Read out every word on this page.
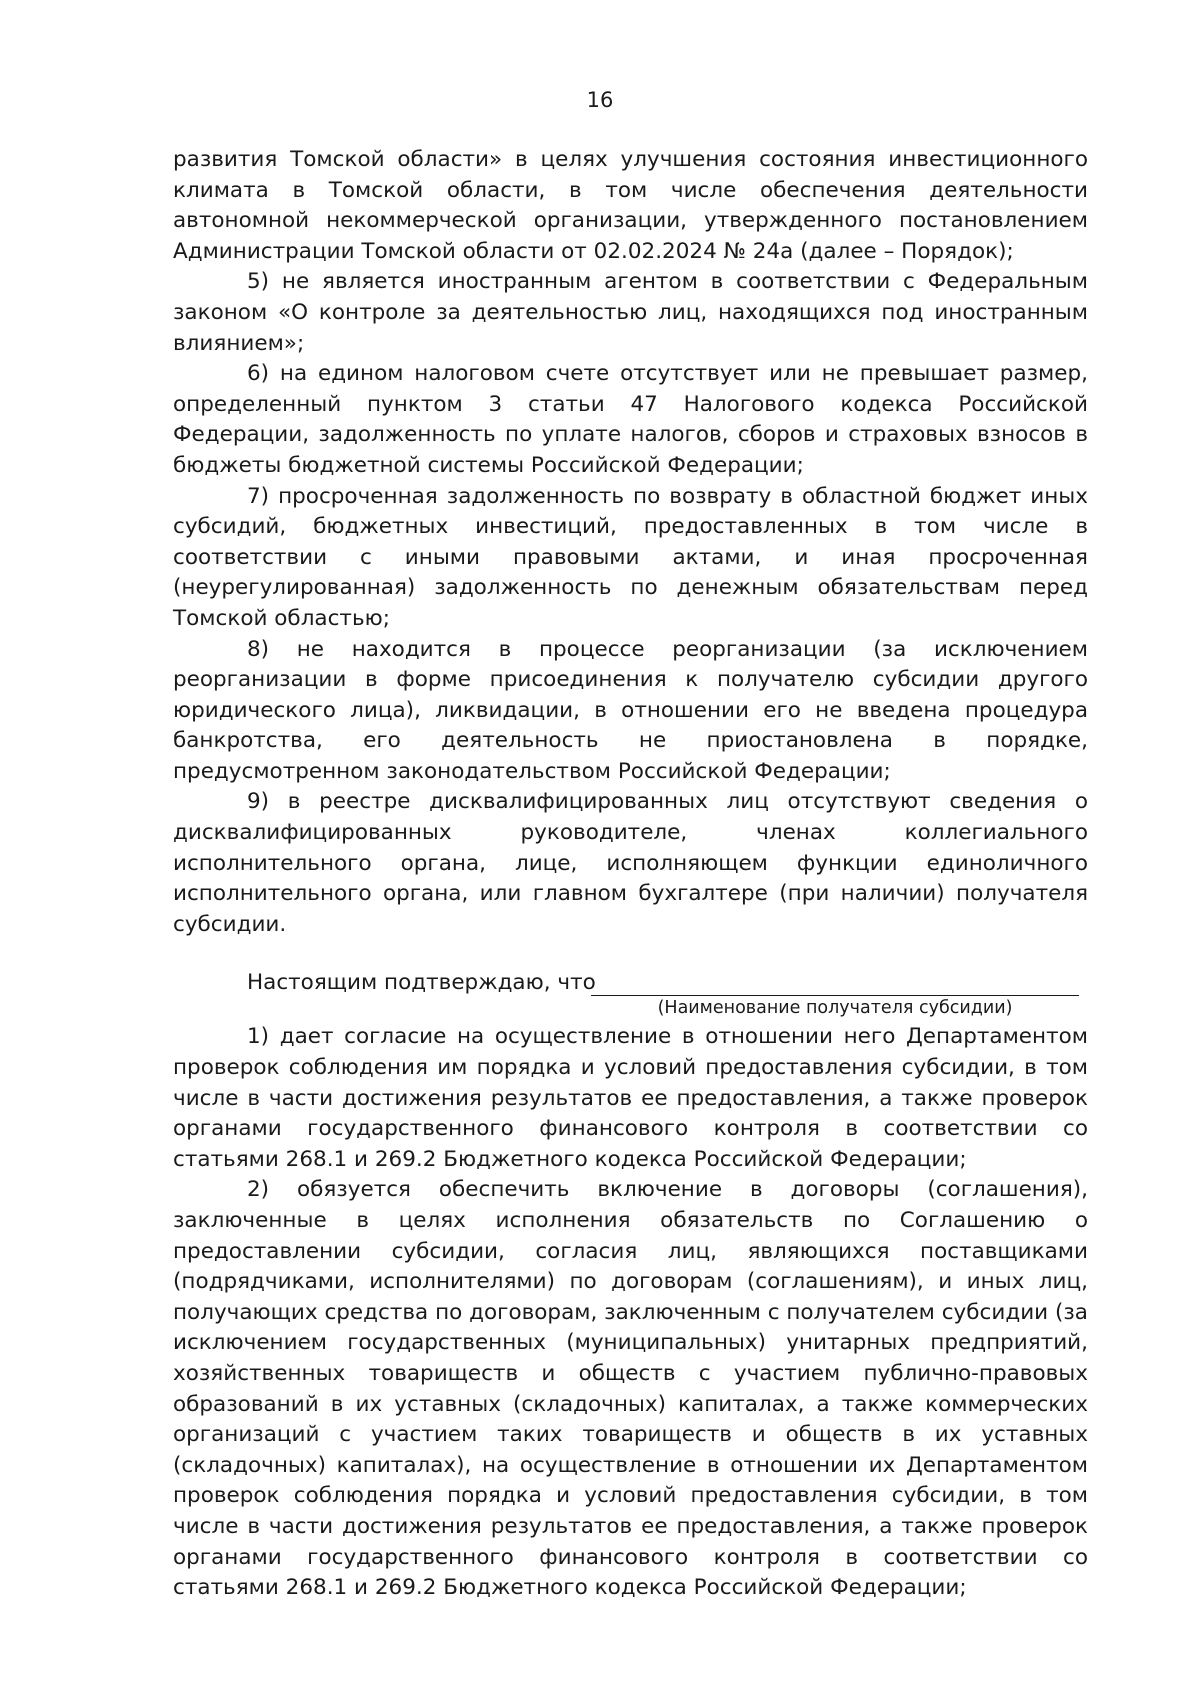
16

развития Томской области» в целях улучшения состояния инвестиционного климата в Томской области, в том числе обеспечения деятельности автономной некоммерческой организации, утвержденного постановлением Администрации Томской области от 02.02.2024 № 24а (далее – Порядок);

5) не является иностранным агентом в соответствии с Федеральным законом «О контроле за деятельностью лиц, находящихся под иностранным влиянием»;

6) на едином налоговом счете отсутствует или не превышает размер, определенный пунктом 3 статьи 47 Налогового кодекса Российской Федерации, задолженность по уплате налогов, сборов и страховых взносов в бюджеты бюджетной системы Российской Федерации;

7) просроченная задолженность по возврату в областной бюджет иных субсидий, бюджетных инвестиций, предоставленных в том числе в соответствии с иными правовыми актами, и иная просроченная (неурегулированная) задолженность по денежным обязательствам перед Томской областью;

8) не находится в процессе реорганизации (за исключением реорганизации в форме присоединения к получателю субсидии другого юридического лица), ликвидации, в отношении его не введена процедура банкротства, его деятельность не приостановлена в порядке, предусмотренном законодательством Российской Федерации;

9) в реестре дисквалифицированных лиц отсутствуют сведения о дисквалифицированных руководителе, членах коллегиального исполнительного органа, лице, исполняющем функции единоличного исполнительного органа, или главном бухгалтере (при наличии) получателя субсидии.

Настоящим подтверждаю, что
(Наименование получателя субсидии)

1) дает согласие на осуществление в отношении него Департаментом проверок соблюдения им порядка и условий предоставления субсидии, в том числе в части достижения результатов ее предоставления, а также проверок органами государственного финансового контроля в соответствии со статьями 268.1 и 269.2 Бюджетного кодекса Российской Федерации;

2) обязуется обеспечить включение в договоры (соглашения), заключенные в целях исполнения обязательств по Соглашению о предоставлении субсидии, согласия лиц, являющихся поставщиками (подрядчиками, исполнителями) по договорам (соглашениям), и иных лиц, получающих средства по договорам, заключенным с получателем субсидии (за исключением государственных (муниципальных) унитарных предприятий, хозяйственных товариществ и обществ с участием публично-правовых образований в их уставных (складочных) капиталах, а также коммерческих организаций с участием таких товариществ и обществ в их уставных (складочных) капиталах), на осуществление в отношении их Департаментом проверок соблюдения порядка и условий предоставления субсидии, в том числе в части достижения результатов ее предоставления, а также проверок органами государственного финансового контроля в соответствии со статьями 268.1 и 269.2 Бюджетного кодекса Российской Федерации;
